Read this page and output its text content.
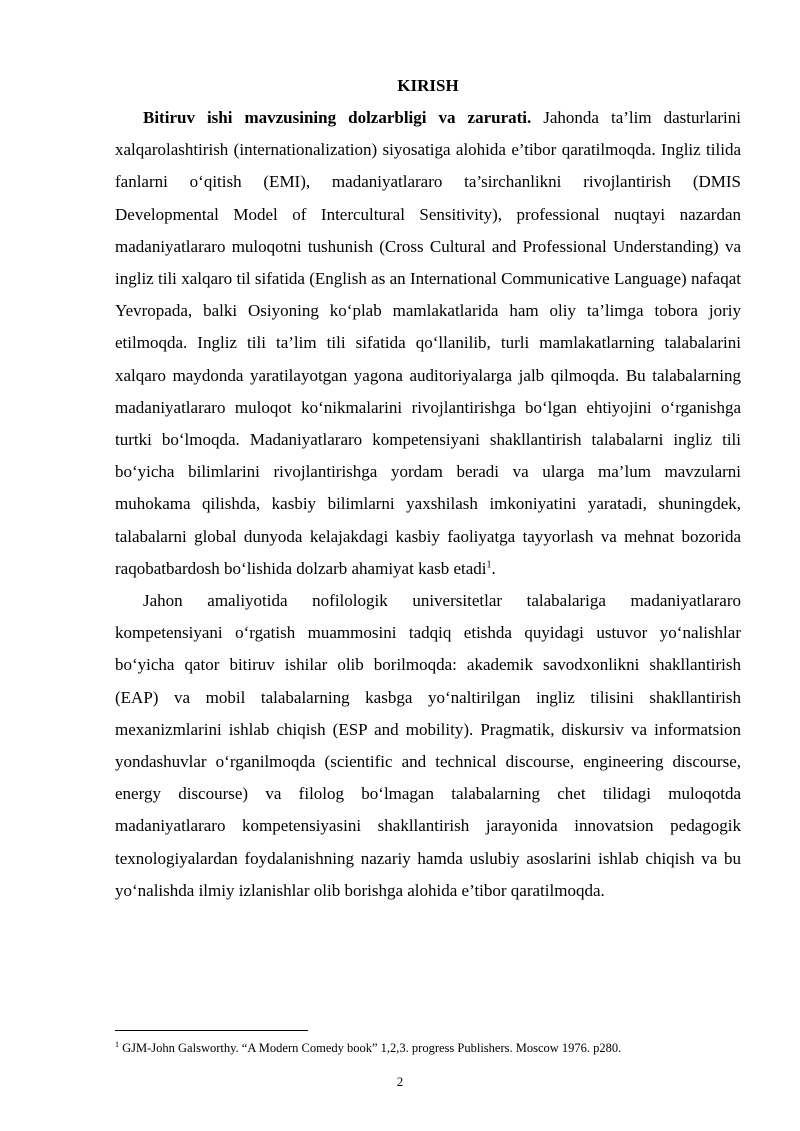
KIRISH

Bitiruv ishi mavzusining dolzarbligi va zarurati. Jahonda ta’lim dasturlarini xalqarolashtirish (internationalization) siyosatiga alohida e’tibor qaratilmoqda. Ingliz tilida fanlarni o‘qitish (EMI), madaniyatlararo ta’sirchanlikni rivojlantirish (DMIS Developmental Model of Intercultural Sensitivity), professional nuqtayi nazardan madaniyatlararo muloqotni tushunish (Cross Cultural and Professional Understanding) va ingliz tili xalqaro til sifatida (English as an International Communicative Language) nafaqat Yevropada, balki Osiyoning ko‘plab mamlakatlarida ham oliy ta’limga tobora joriy etilmoqda. Ingliz tili ta’lim tili sifatida qo‘llanilib, turli mamlakatlarning talabalarini xalqaro maydonda yaratilayotgan yagona auditoriyalarga jalb qilmoqda. Bu talabalarning madaniyatlararo muloqot ko‘nikmalarini rivojlantirishga bo‘lgan ehtiyojini o‘rganishga turtki bo‘lmoqda. Madaniyatlararo kompetensiyani shakllantirish talabalarni ingliz tili bo‘yicha bilimlarini rivojlantirishga yordam beradi va ularga ma’lum mavzularni muhokama qilishda, kasbiy bilimlarni yaxshilash imkoniyatini yaratadi, shuningdek, talabalarni global dunyoda kelajakdagi kasbiy faoliyatga tayyorlash va mehnat bozorida raqobatbardosh bo‘lishida dolzarb ahamiyat kasb etadi$^1$.

Jahon amaliyotida nofilologik universitetlar talabalariga madaniyatlararo kompetensiyani o‘rgatish muammosini tadqiq etishda quyidagi ustuvor yo‘nalishlar bo‘yicha qator bitiruv ishilar olib borilmoqda: akademik savodxonlikni shakllantirish (EAP) va mobil talabalarning kasbga yo‘naltirilgan ingliz tilisini shakllantirish mexanizmlarini ishlab chiqish (ESP and mobility). Pragmatik, diskursiv va informatsion yondashuvlar o‘rganilmoqda (scientific and technical discourse, engineering discourse, energy discourse) va filolog bo‘lmagan talabalarning chet tilidagi muloqotda madaniyatlararo kompetensiyasini shakllantirish jarayonida innovatsion pedagogik texnologiyalardan foydalanishning nazariy hamda uslubiy asoslarini ishlab chiqish va bu yo‘nalishda ilmiy izlanishlar olib borishga alohida e’tibor qaratilmoqda.

$^1$ GJM-John Galsworthy. “A Modern Comedy book” 1,2,3. progress Publishers. Moscow 1976. p280.
2
